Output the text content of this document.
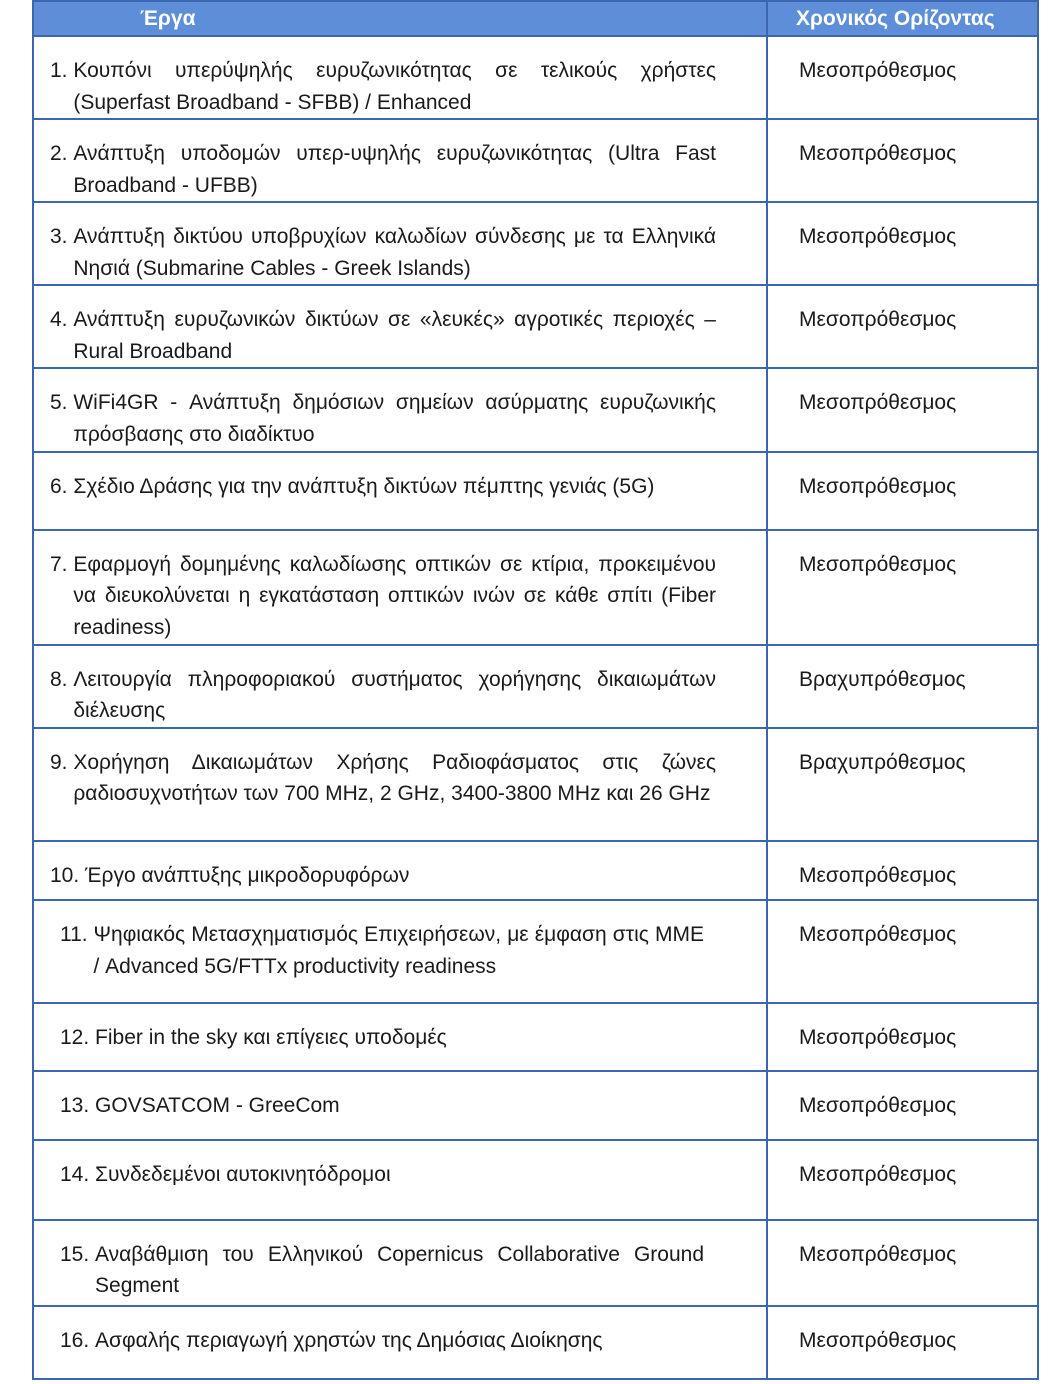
Έργα	Χρονικός Ορίζοντας

1. Κουπόνι υπερύψηλής ευρυζωνικότητας σε τελικούς χρήστες (Superfast Broadband - SFBB) / Enhanced	Μεσοπρόθεσμος

2. Ανάπτυξη υποδομών υπερ-υψηλής ευρυζωνικότητας (Ultra Fast Broadband - UFBB)	Μεσοπρόθεσμος

3. Ανάπτυξη δικτύου υποβρυχίων καλωδίων σύνδεσης με τα Ελληνικά Νησιά (Submarine Cables - Greek Islands)	Μεσοπρόθεσμος

4. Ανάπτυξη ευρυζωνικών δικτύων σε «λευκές» αγροτικές περιοχές – Rural Broadband	Μεσοπρόθεσμος

5. WiFi4GR - Ανάπτυξη δημόσιων σημείων ασύρματης ευρυζωνικής πρόσβασης στο διαδίκτυο	Μεσοπρόθεσμος

6. Σχέδιο Δράσης για την ανάπτυξη δικτύων πέμπτης γενιάς (5G)	Μεσοπρόθεσμος

7. Εφαρμογή δομημένης καλωδίωσης οπτικών σε κτίρια, προκειμένου να διευκολύνεται η εγκατάσταση οπτικών ινών σε κάθε σπίτι (Fiber readiness)	Μεσοπρόθεσμος

8. Λειτουργία πληροφοριακού συστήματος χορήγησης δικαιωμάτων διέλευσης	Βραχυπρόθεσμος

9. Χορήγηση Δικαιωμάτων Χρήσης Ραδιοφάσματος στις ζώνες ραδιοσυχνοτήτων των 700 MHz, 2 GHz, 3400-3800 MHz και 26 GHz	Βραχυπρόθεσμος

10. Έργο ανάπτυξης μικροδορυφόρων	Μεσοπρόθεσμος

11. Ψηφιακός Μετασχηματισμός Επιχειρήσεων, με έμφαση στις ΜΜΕ / Advanced 5G/FTTx productivity readiness	Μεσοπρόθεσμος

12. Fiber in the sky και επίγειες υποδομές	Μεσοπρόθεσμος

13. GOVSATCOM - GreeCom	Μεσοπρόθεσμος

14. Συνδεδεμένοι αυτοκινητόδρομοι	Μεσοπρόθεσμος

15. Αναβάθμιση του Ελληνικού Copernicus Collaborative Ground Segment	Μεσοπρόθεσμος

16. Ασφαλής περιαγωγή χρηστών της Δημόσιας Διοίκησης	Μεσοπρόθεσμος
